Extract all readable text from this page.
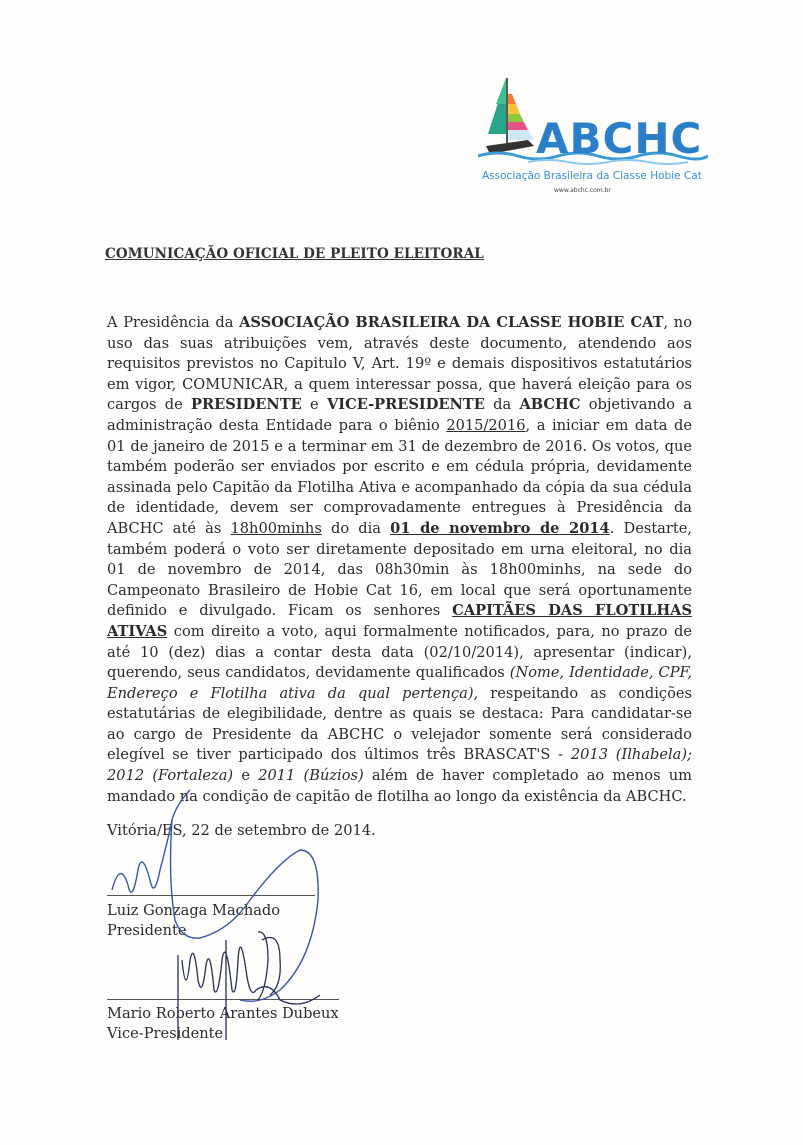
ABCHC
Associação Brasileira da Classe Hobie Cat
www.abchc.com.br
COMUNICAÇÃO OFICIAL DE PLEITO ELEITORAL
A Presidência da ASSOCIAÇÃO BRASILEIRA DA CLASSE HOBIE CAT, no uso das suas atribuições vem, através deste documento, atendendo aos requisitos previstos no Capitulo V, Art. 19º e demais dispositivos estatutários em vigor, COMUNICAR, a quem interessar possa, que haverá eleição para os cargos de PRESIDENTE e VICE-PRESIDENTE da ABCHC objetivando a administração desta Entidade para o biênio 2015/2016, a iniciar em data de 01 de janeiro de 2015 e a terminar em 31 de dezembro de 2016. Os votos, que também poderão ser enviados por escrito e em cédula própria, devidamente assinada pelo Capitão da Flotilha Ativa e acompanhado da cópia da sua cédula de identidade, devem ser comprovadamente entregues à Presidência da ABCHC até às 18h00minhs do dia 01 de novembro de 2014. Destarte, também poderá o voto ser diretamente depositado em urna eleitoral, no dia 01 de novembro de 2014, das 08h30min às 18h00minhs, na sede do Campeonato Brasileiro de Hobie Cat 16, em local que será oportunamente definido e divulgado. Ficam os senhores CAPITÃES DAS FLOTILHAS ATIVAS com direito a voto, aqui formalmente notificados, para, no prazo de até 10 (dez) dias a contar desta data (02/10/2014), apresentar (indicar), querendo, seus candidatos, devidamente qualificados (Nome, Identidade, CPF, Endereço e Flotilha ativa da qual pertença), respeitando as condições estatutárias de elegibilidade, dentre as quais se destaca: Para candidatar-se ao cargo de Presidente da ABCHC o velejador somente será considerado elegível se tiver participado dos últimos três BRASCAT'S - 2013 (Ilhabela); 2012 (Fortaleza) e 2011 (Búzios) além de haver completado ao menos um mandado na condição de capitão de flotilha ao longo da existência da ABCHC.
Vitória/ES, 22 de setembro de 2014.
Luiz Gonzaga Machado
Presidente
Mario Roberto Arantes Dubeux
Vice-Presidente
